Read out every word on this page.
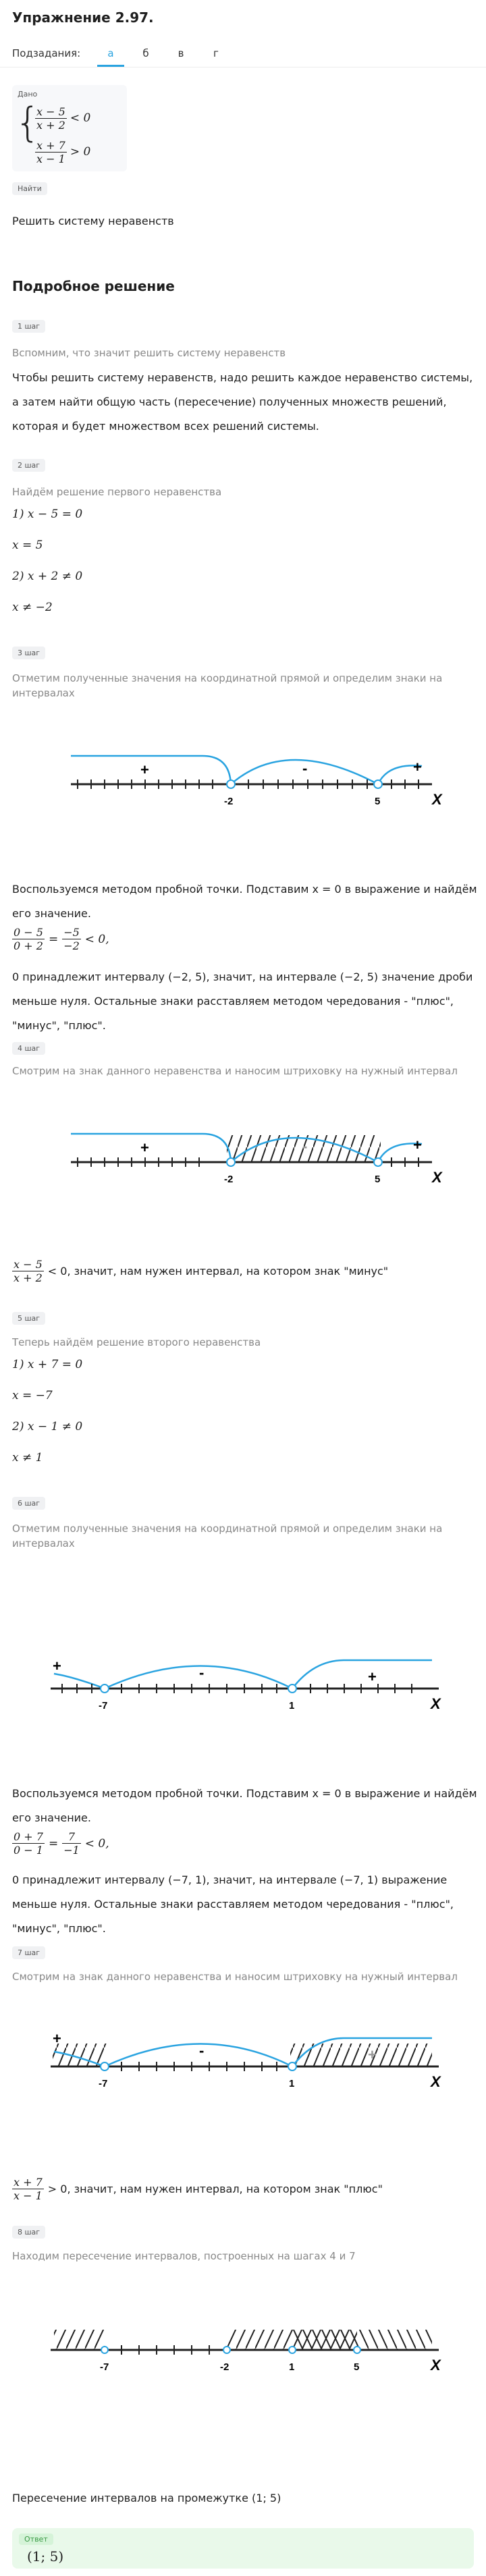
Упражнение 2.97.
Подзадания:	а	б	в	г
Дано
{
$\frac{x - 5}{x + 2} < 0$
$\frac{x + 7}{x - 1} > 0$
Найти
Решить систему неравенств
Подробное решение
1 шаг
Вспомним, что значит решить систему неравенств
Чтобы решить систему неравенств, надо решить каждое неравенство системы, а затем найти общую часть (пересечение) полученных множеств решений, которая и будет множеством всех решений системы.
2 шаг
Найдём решение первого неравенства
1) x − 5 = 0
x = 5
2) x + 2 ≠ 0
x ≠ −2
3 шаг
Отметим полученные значения на координатной прямой и определим знаки на интервалах
-2	5
+	-	+
X
Воспользуемся методом пробной точки. Подставим x = 0 в выражение и найдём его значение.
$\frac{0 - 5}{0 + 2} = \frac{-5}{-2} < 0$,
0 принадлежит интервалу (−2, 5), значит, на интервале (−2, 5) значение дроби меньше нуля. Остальные знаки расставляем методом чередования - "плюс", "минус", "плюс".
4 шаг
Смотрим на знак данного неравенства и наносим штриховку на нужный интервал
-2	5
+	-	+
X
$\frac{x - 5}{x + 2} < 0$, значит, нам нужен интервал, на котором знак "минус"
5 шаг
Теперь найдём решение второго неравенства
1) x + 7 = 0
x = −7
2) x − 1 ≠ 0
x ≠ 1
6 шаг
Отметим полученные значения на координатной прямой и определим знаки на интервалах
-7	1
+	-	+
X
Воспользуемся методом пробной точки. Подставим x = 0 в выражение и найдём его значение.
$\frac{0 + 7}{0 - 1} = \frac{7}{-1} < 0$,
0 принадлежит интервалу (−7, 1), значит, на интервале (−7, 1) выражение меньше нуля. Остальные знаки расставляем методом чередования - "плюс", "минус", "плюс".
7 шаг
Смотрим на знак данного неравенства и наносим штриховку на нужный интервал
-7	1
+
-	+
X
$\frac{x + 7}{x - 1} > 0$, значит, нам нужен интервал, на котором знак "плюс"
8 шаг
Находим пересечение интервалов, построенных на шагах 4 и 7
-7	-2	1	5	X
Пересечение интервалов на промежутке (1; 5)
Ответ
(1; 5)
